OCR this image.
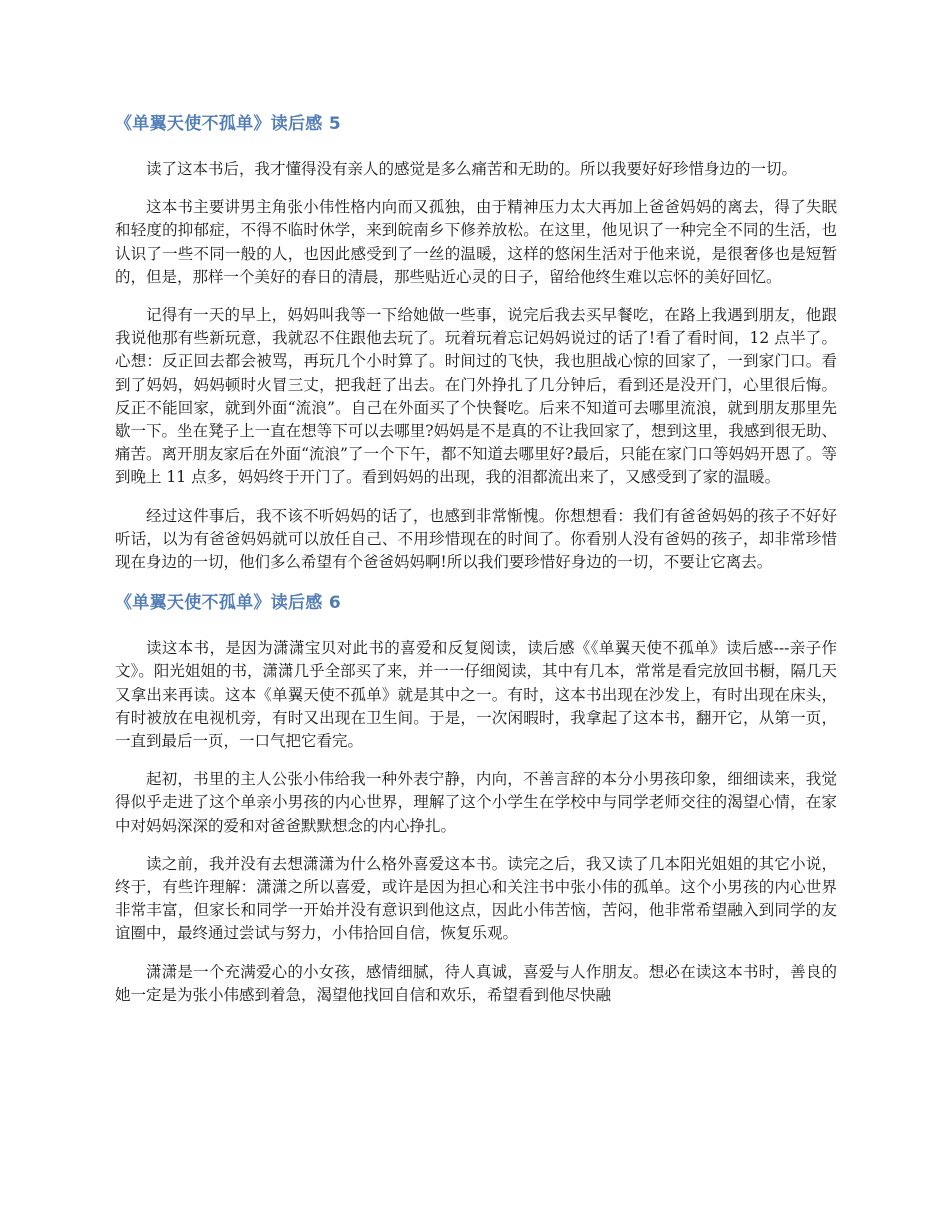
《单翼天使不孤单》读后感 5

读了这本书后，我才懂得没有亲人的感觉是多么痛苦和无助的。所以我要好好珍惜身边的一切。

这本书主要讲男主角张小伟性格内向而又孤独，由于精神压力太大再加上爸爸妈妈的离去，得了失眠和轻度的抑郁症，不得不临时休学，来到皖南乡下修养放松。在这里，他见识了一种完全不同的生活，也认识了一些不同一般的人，也因此感受到了一丝的温暖，这样的悠闲生活对于他来说，是很奢侈也是短暂的，但是，那样一个美好的春日的清晨，那些贴近心灵的日子，留给他终生难以忘怀的美好回忆。

记得有一天的早上，妈妈叫我等一下给她做一些事，说完后我去买早餐吃，在路上我遇到朋友，他跟我说他那有些新玩意，我就忍不住跟他去玩了。玩着玩着忘记妈妈说过的话了!看了看时间，12 点半了。心想：反正回去都会被骂，再玩几个小时算了。时间过的飞快，我也胆战心惊的回家了，一到家门口。看到了妈妈，妈妈顿时火冒三丈，把我赶了出去。在门外挣扎了几分钟后，看到还是没开门，心里很后悔。反正不能回家，就到外面“流浪”。自己在外面买了个快餐吃。后来不知道可去哪里流浪，就到朋友那里先歇一下。坐在凳子上一直在想等下可以去哪里?妈妈是不是真的不让我回家了，想到这里，我感到很无助、痛苦。离开朋友家后在外面“流浪”了一个下午，都不知道去哪里好?最后，只能在家门口等妈妈开恩了。等到晚上 11 点多，妈妈终于开门了。看到妈妈的出现，我的泪都流出来了，又感受到了家的温暖。

经过这件事后，我不该不听妈妈的话了，也感到非常惭愧。你想想看：我们有爸爸妈妈的孩子不好好听话，以为有爸爸妈妈就可以放任自己、不用珍惜现在的时间了。你看别人没有爸妈的孩子，却非常珍惜现在身边的一切，他们多么希望有个爸爸妈妈啊!所以我们要珍惜好身边的一切，不要让它离去。

《单翼天使不孤单》读后感 6

读这本书，是因为潇潇宝贝对此书的喜爱和反复阅读，读后感《《单翼天使不孤单》读后感---亲子作文》。阳光姐姐的书，潇潇几乎全部买了来，并一一仔细阅读，其中有几本，常常是看完放回书橱，隔几天又拿出来再读。这本《单翼天使不孤单》就是其中之一。有时，这本书出现在沙发上，有时出现在床头，有时被放在电视机旁，有时又出现在卫生间。于是，一次闲暇时，我拿起了这本书，翻开它，从第一页，一直到最后一页，一口气把它看完。

起初，书里的主人公张小伟给我一种外表宁静，内向，不善言辞的本分小男孩印象，细细读来，我觉得似乎走进了这个单亲小男孩的内心世界，理解了这个小学生在学校中与同学老师交往的渴望心情，在家中对妈妈深深的爱和对爸爸默默想念的内心挣扎。

读之前，我并没有去想潇潇为什么格外喜爱这本书。读完之后，我又读了几本阳光姐姐的其它小说，终于，有些许理解：潇潇之所以喜爱，或许是因为担心和关注书中张小伟的孤单。这个小男孩的内心世界非常丰富，但家长和同学一开始并没有意识到他这点，因此小伟苦恼，苦闷，他非常希望融入到同学的友谊圈中，最终通过尝试与努力，小伟拾回自信，恢复乐观。

潇潇是一个充满爱心的小女孩，感情细腻，待人真诚，喜爱与人作朋友。想必在读这本书时，善良的她一定是为张小伟感到着急，渴望他找回自信和欢乐，希望看到他尽快融
